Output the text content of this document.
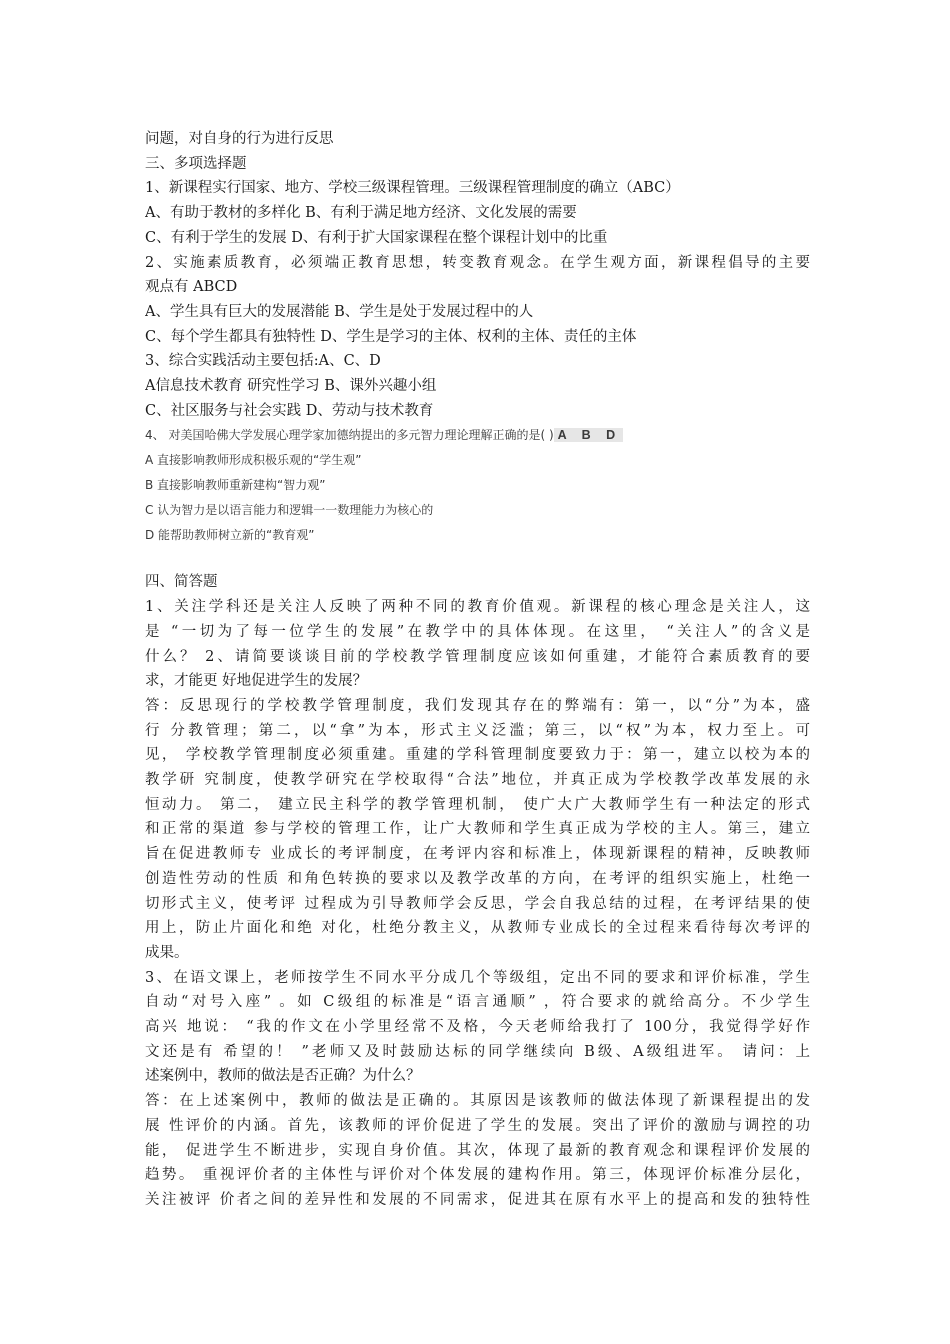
问题，对自身的行为进行反思
三、多项选择题
1、新课程实行国家、地方、学校三级课程管理。三级课程管理制度的确立（ABC）
A、有助于教材的多样化 B、有利于满足地方经济、文化发展的需要
C、有利于学生的发展 D、有利于扩大国家课程在整个课程计划中的比重
2、实施素质教育，必须端正教育思想，转变教育观念。在学生观方面，新课程倡导的主要
观点有 ABCD
A、学生具有巨大的发展潜能 B、学生是处于发展过程中的人
C、每个学生都具有独特性 D、学生是学习的主体、权利的主体、责任的主体
3、综合实践活动主要包括:A、C、D
A信息技术教育 研究性学习 B、课外兴趣小组
C、社区服务与社会实践 D、劳动与技术教育
4、 对美国哈佛大学发展心理学家加德纳提出的多元智力理论理解正确的是( ) A B D
A 直接影响教师形成积极乐观的“学生观”
B 直接影响教师重新建构“智力观”
C 认为智力是以语言能力和逻辑一一数理能力为核心的
D 能帮助教师树立新的“教育观”
四、简答题
1、关注学科还是关注人反映了两种不同的教育价值观。新课程的核心理念是关注人，这
是 “一切为了每一位学生的发展”在教学中的具体体现。在这里， “关注人”的含义是
什么？ 2、请简要谈谈目前的学校教学管理制度应该如何重建，才能符合素质教育的要
求，才能更 好地促进学生的发展？
答：反思现行的学校教学管理制度，我们发现其存在的弊端有：第一，以“分”为本，盛
行 分教管理；第二，以“拿”为本，形式主义泛滥；第三，以“权”为本，权力至上。可
见， 学校教学管理制度必须重建。重建的学科管理制度要致力于：第一，建立以校为本的
教学研 究制度，使教学研究在学校取得“合法”地位，并真正成为学校教学改革发展的永
恒动力。 第二， 建立民主科学的教学管理机制， 使广大广大教师学生有一种法定的形式
和正常的渠道 参与学校的管理工作，让广大教师和学生真正成为学校的主人。第三，建立
旨在促进教师专 业成长的考评制度，在考评内容和标准上，体现新课程的精神，反映教师
创造性劳动的性质 和角色转换的要求以及教学改革的方向，在考评的组织实施上，杜绝一
切形式主义，使考评 过程成为引导教师学会反思，学会自我总结的过程，在考评结果的使
用上，防止片面化和绝 对化，杜绝分教主义，从教师专业成长的全过程来看待每次考评的
成果。
3、在语文课上，老师按学生不同水平分成几个等级组，定出不同的要求和评价标准，学生
自动“对号入座” 。如 C级组的标准是“语言通顺” ，符合要求的就给高分。不少学生
高兴 地说： “我的作文在小学里经常不及格，今天老师给我打了 100分，我觉得学好作
文还是有 希望的！ ”老师又及时鼓励达标的同学继续向 B级、A级组进军。 请问：上
述案例中，教师的做法是否正确？为什么？
答：在上述案例中，教师的做法是正确的。其原因是该教师的做法体现了新课程提出的发
展 性评价的内涵。首先，该教师的评价促进了学生的发展。突出了评价的激励与调控的功
能， 促进学生不断进步，实现自身价值。其次，体现了最新的教育观念和课程评价发展的
趋势。 重视评价者的主体性与评价对个体发展的建构作用。第三，体现评价标准分层化，
关注被评 价者之间的差异性和发展的不同需求，促进其在原有水平上的提高和发的独特性
